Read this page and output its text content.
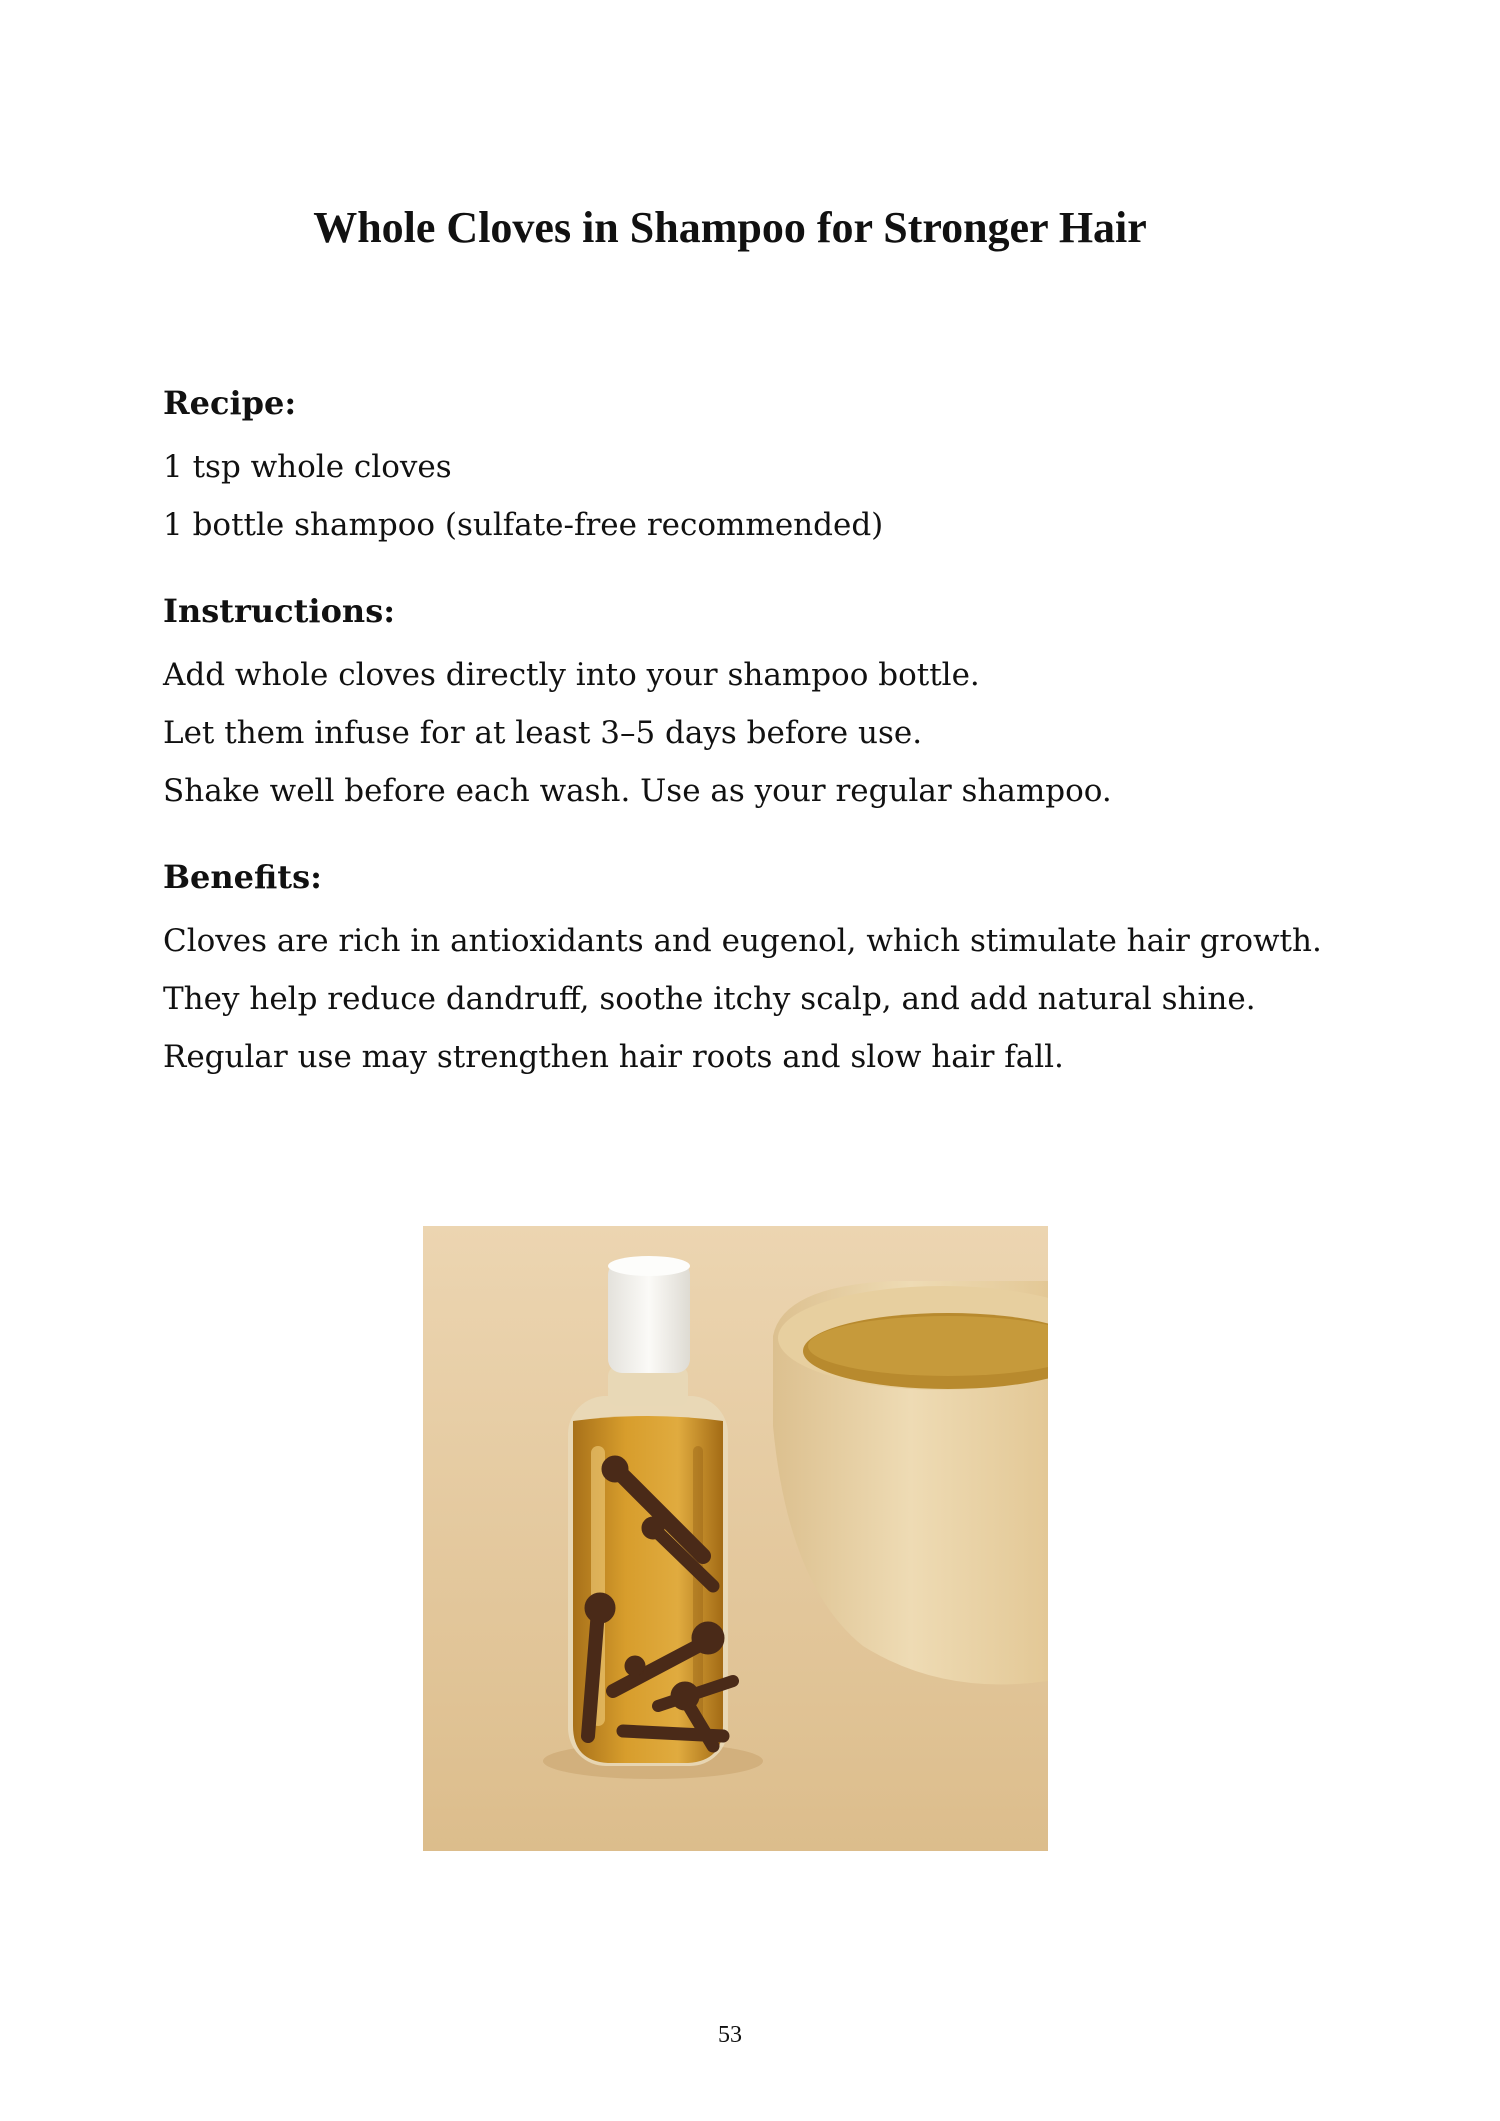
Whole Cloves in Shampoo for Stronger Hair

Recipe:

1 tsp whole cloves

1 bottle shampoo (sulfate-free recommended)

Instructions:

Add whole cloves directly into your shampoo bottle.

Let them infuse for at least 3–5 days before use.

Shake well before each wash. Use as your regular shampoo.

Benefits:

Cloves are rich in antioxidants and eugenol, which stimulate hair growth.

They help reduce dandruff, soothe itchy scalp, and add natural shine.

Regular use may strengthen hair roots and slow hair fall.

53
